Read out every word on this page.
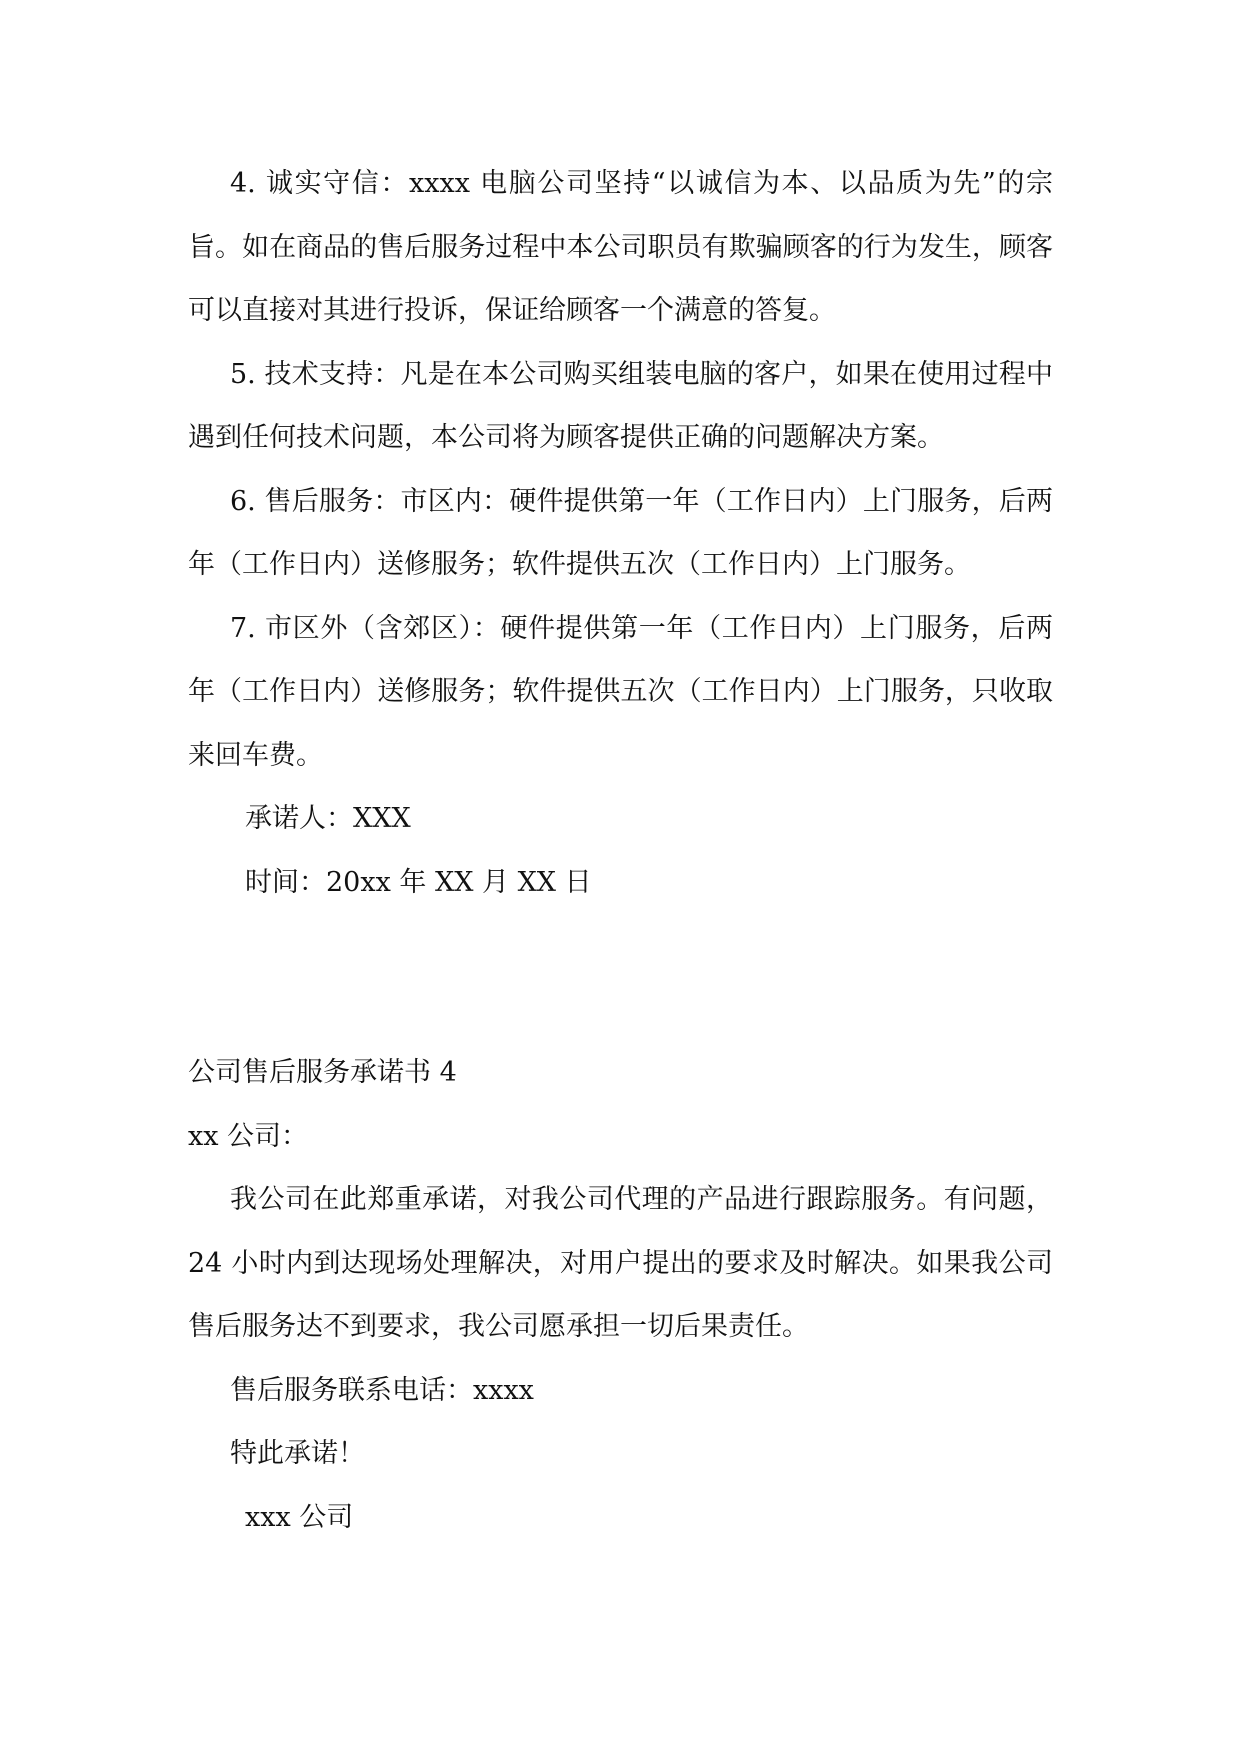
4. 诚实守信：xxxx 电脑公司坚持“以诚信为本、以品质为先”的宗旨。如在商品的售后服务过程中本公司职员有欺骗顾客的行为发生，顾客可以直接对其进行投诉，保证给顾客一个满意的答复。

5. 技术支持：凡是在本公司购买组装电脑的客户，如果在使用过程中遇到任何技术问题，本公司将为顾客提供正确的问题解决方案。

6. 售后服务：市区内：硬件提供第一年（工作日内）上门服务，后两年（工作日内）送修服务；软件提供五次（工作日内）上门服务。

7. 市区外（含郊区）：硬件提供第一年（工作日内）上门服务，后两年（工作日内）送修服务；软件提供五次（工作日内）上门服务，只收取来回车费。

承诺人：XXX

时间：20xx 年 XX 月 XX 日

公司售后服务承诺书 4

xx 公司：

我公司在此郑重承诺，对我公司代理的产品进行跟踪服务。有问题，24 小时内到达现场处理解决，对用户提出的要求及时解决。如果我公司售后服务达不到要求，我公司愿承担一切后果责任。

售后服务联系电话：xxxx

特此承诺！

xxx 公司
